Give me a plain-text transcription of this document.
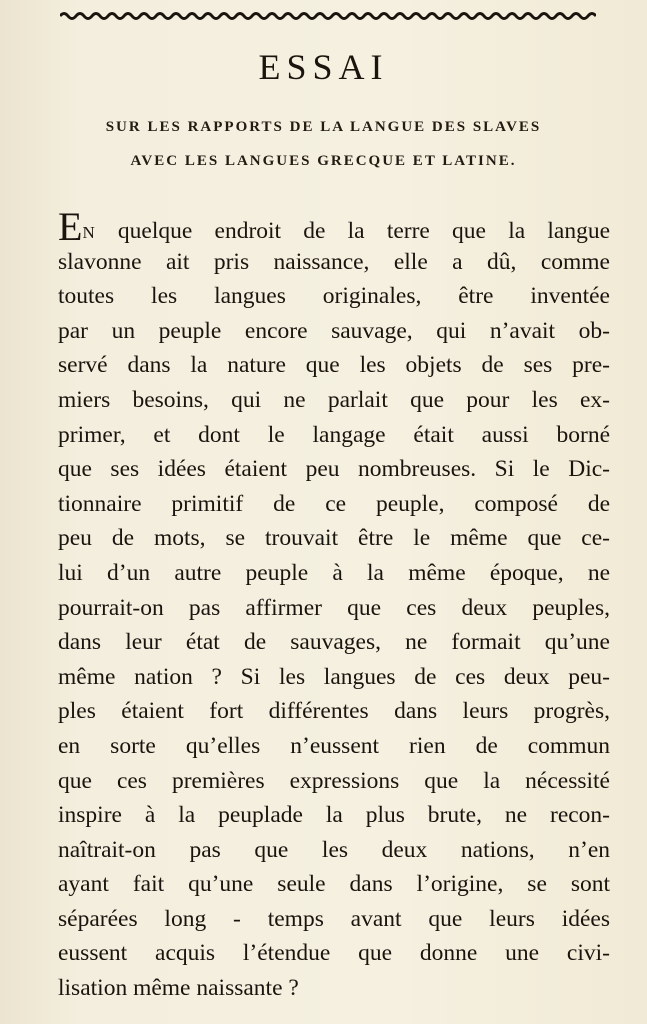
ESSAI
SUR LES RAPPORTS DE LA LANGUE DES SLAVES
AVEC LES LANGUES GRECQUE ET LATINE.
EN quelque endroit de la terre que la langue
slavonne ait pris naissance, elle a dû, comme
toutes les langues originales, être inventée
par un peuple encore sauvage, qui n’avait ob-
servé dans la nature que les objets de ses pre-
miers besoins, qui ne parlait que pour les ex-
primer, et dont le langage était aussi borné
que ses idées étaient peu nombreuses. Si le Dic-
tionnaire primitif de ce peuple, composé de
peu de mots, se trouvait être le même que ce-
lui d’un autre peuple à la même époque, ne
pourrait-on pas affirmer que ces deux peuples,
dans leur état de sauvages, ne formait qu’une
même nation ? Si les langues de ces deux peu-
ples étaient fort différentes dans leurs progrès,
en sorte qu’elles n’eussent rien de commun
que ces premières expressions que la nécessité
inspire à la peuplade la plus brute, ne recon-
naîtrait-on pas que les deux nations, n’en
ayant fait qu’une seule dans l’origine, se sont
séparées long - temps avant que leurs idées
eussent acquis l’étendue que donne une civi-
lisation même naissante ?
